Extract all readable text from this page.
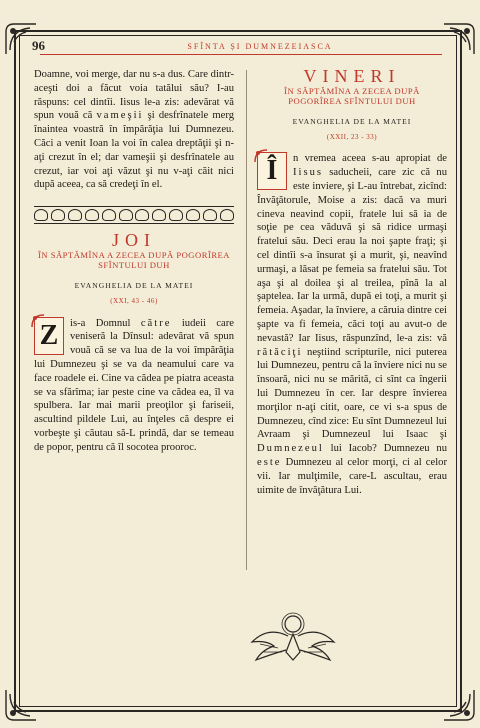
96	SFÎNTA ȘI DUMNEZEIASCA

Doamne, voi merge, dar nu s-a dus. Care dintr-aceşti doi a făcut voia tatălui său? I-au răspuns: cel dintîi. Iisus le-a zis: adevărat vă spun vouă că vameşii şi desfrînatele merg înaintea voastră în împărăţia lui Dumnezeu. Căci a venit Ioan la voi în calea dreptăţii şi n-aţi crezut în el; dar vameşii şi desfrînatele au crezut, iar voi aţi văzut şi nu v-aţi căit nici după aceea, ca să credeţi în el.

JOI

ÎN SĂPTĂMÎNA A ZECEA DUPĂ POGORÎREA SFÎNTULUI DUH

EVANGHELIA DE LA MATEI

(XXI, 43 - 46)

Z	is-a Domnul către iudeii care veniseră la Dînsul: adevărat vă spun vouă că se va lua de la voi împărăţia lui Dumnezeu şi se va da neamului care va face roadele ei. Cine va cădea pe piatra aceasta se va sfărîma; iar peste cine va cădea ea, îl va spulbera. Iar mai marii preoţilor şi fariseii, ascultind pildele Lui, au înţeles că despre ei vorbeşte şi căutau să-L prindă, dar se temeau de popor, pentru că îl socotea prooroc.

VINERI

ÎN SĂPTĂMÎNA A ZECEA DUPĂ POGORÎREA SFÎNTULUI DUH

EVANGHELIA DE LA MATEI

(XXII, 23 - 33)

Î	n vremea aceea s-au apropiat de Iisus saducheii, care zic că nu este inviere, şi L-au întrebat, zicînd: Învăţătorule, Moise a zis: dacă va muri cineva neavind copii, fratele lui să ia de soţie pe cea văduvă şi să ridice urmaşi fratelui său. Deci erau la noi şapte fraţi; şi cel dintîi s-a însurat şi a murit, şi, neavînd urmaşi, a lăsat pe femeia sa fratelui său. Tot aşa şi al doilea şi al treilea, pînă la al şaptelea. Iar la urmă, după ei toţi, a murit şi femeia. Aşadar, la înviere, a căruia dintre cei şapte va fi femeia, căci toţi au avut-o de nevastă? Iar Iisus, răspunzînd, le-a zis: vă rătăciţi neştiind scripturile, nici puterea lui Dumnezeu, pentru că la înviere nici nu se însoară, nici nu se mărită, ci sînt ca îngerii lui Dumnezeu în cer. Iar despre învierea morţilor n-aţi citit, oare, ce vi s-a spus de Dumnezeu, cînd zice: Eu sînt Dumnezeul lui Avraam şi Dumnezeul lui Isaac şi Dumnezeul lui Iacob? Dumnezeu nu este Dumnezeu al celor morţi, ci al celor vii. Iar mulţimile, care-L ascultau, erau uimite de învăţătura Lui.
